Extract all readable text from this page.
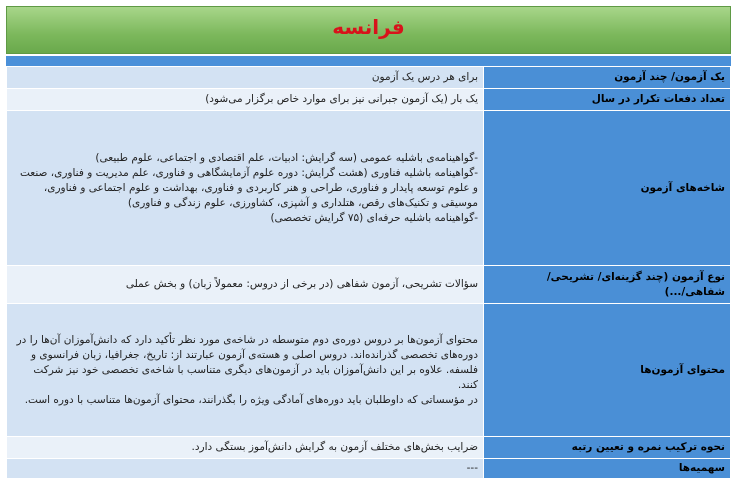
فرانسه
یک آزمون/ چند آزمون	برای هر درس یک آزمون
تعداد دفعات تکرار در سال	یک بار (یک آزمون جبرانی نیز برای موارد خاص برگزار می‌شود)
شاخه‌های آزمون	-گواهینامه‌ی باشلیه عمومی (سه گرایش: ادبیات، علم اقتصادی و اجتماعی، علوم طبیعی)
-گواهینامه باشلیه فناوری (هشت گرایش: دوره علوم آزمایشگاهی و فناوری، علم مدیریت و فناوری، صنعت و علوم توسعه پایدار و فناوری، طراحی و هنر کاربردی و فناوری، بهداشت و علوم اجتماعی و فناوری، موسیقی و تکنیک‌های رقص، هتلداری و آشپزی، کشاورزی، علوم زندگی و فناوری)
-گواهینامه باشلیه حرفه‌ای (۷۵ گرایش تخصصی)

نوع آزمون (چند گزینه‌ای/ تشریحی/شفاهی/...)	سؤالات تشریحی، آزمون شفاهی (در برخی از دروس: معمولاً زبان) و بخش عملی
محتوای آزمون‌ها	محتوای آزمون‌ها بر دروس دوره‌ی دوم متوسطه در شاخه‌ی مورد نظر تأکید دارد که دانش‌آموزان آن‌ها را در دوره‌های تخصصی گذرانده‌اند. دروس اصلی و هسته‌ی آزمون عبارتند از: تاریخ، جغرافیا، زبان فرانسوی و فلسفه. علاوه بر این دانش‌آموزان باید در آزمون‌های دیگری متناسب با شاخه‌ی تخصصی خود نیز شرکت کنند.
در مؤسساتی که داوطلبان باید دوره‌های آمادگی ویژه را بگذرانند، محتوای آزمون‌ها متناسب با دوره است.

نحوه ترکیب نمره و تعیین رتبه	ضرایب بخش‌های مختلف آزمون به گرایش دانش‌آموز بستگی دارد.
سهمیه‌ها	---
